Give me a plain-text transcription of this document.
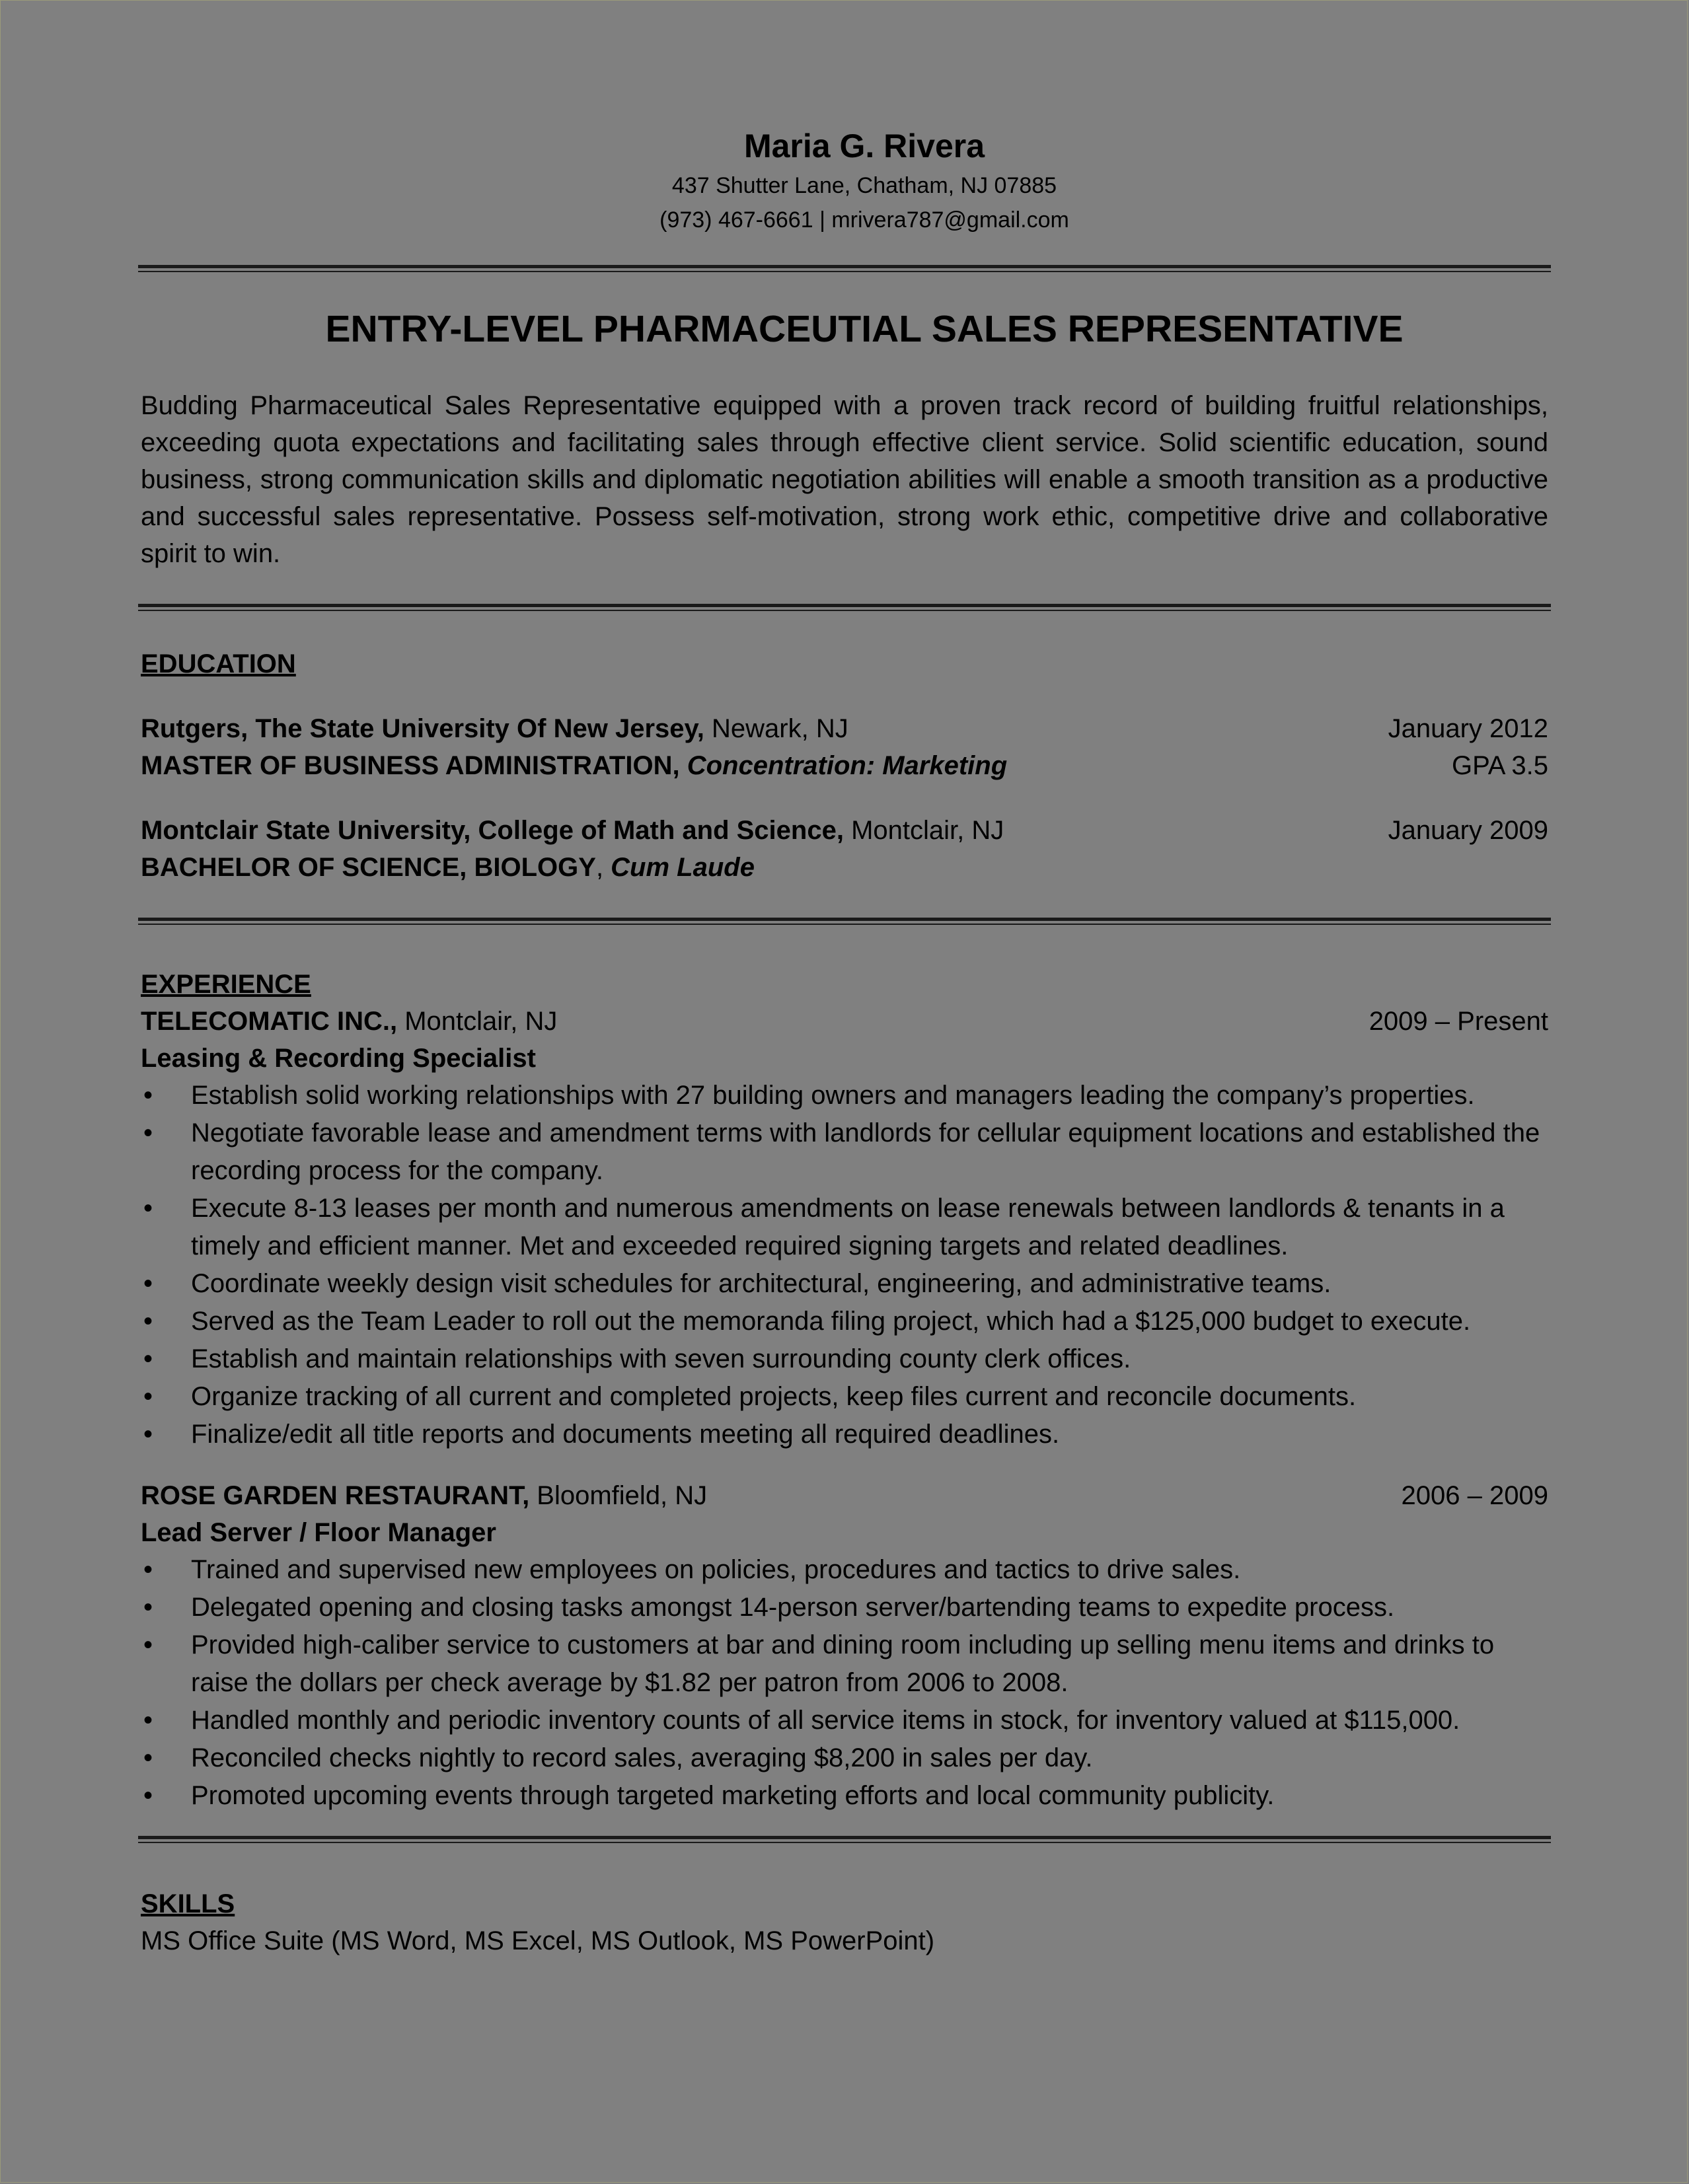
Maria G. Rivera
437 Shutter Lane, Chatham, NJ 07885
(973) 467-6661 | mrivera787@gmail.com
ENTRY-LEVEL PHARMACEUTIAL SALES REPRESENTATIVE
Budding Pharmaceutical Sales Representative equipped with a proven track record of building fruitful relationships, exceeding quota expectations and facilitating sales through effective client service. Solid scientific education, sound business, strong communication skills and diplomatic negotiation abilities will enable a smooth transition as a productive and successful sales representative. Possess self-motivation, strong work ethic, competitive drive and collaborative spirit to win.
EDUCATION
Rutgers, The State University Of New Jersey, Newark, NJ	January 2012
MASTER OF BUSINESS ADMINISTRATION, Concentration: Marketing	GPA 3.5
Montclair State University, College of Math and Science, Montclair, NJ	January 2009
BACHELOR OF SCIENCE, BIOLOGY, Cum Laude
EXPERIENCE
TELECOMATIC INC., Montclair, NJ	2009 – Present
Leasing & Recording Specialist
• Establish solid working relationships with 27 building owners and managers leading the company’s properties.
• Negotiate favorable lease and amendment terms with landlords for cellular equipment locations and established the recording process for the company.
• Execute 8-13 leases per month and numerous amendments on lease renewals between landlords & tenants in a timely and efficient manner. Met and exceeded required signing targets and related deadlines.
• Coordinate weekly design visit schedules for architectural, engineering, and administrative teams.
• Served as the Team Leader to roll out the memoranda filing project, which had a $125,000 budget to execute.
• Establish and maintain relationships with seven surrounding county clerk offices.
• Organize tracking of all current and completed projects, keep files current and reconcile documents.
• Finalize/edit all title reports and documents meeting all required deadlines.
ROSE GARDEN RESTAURANT, Bloomfield, NJ	2006 – 2009
Lead Server / Floor Manager
• Trained and supervised new employees on policies, procedures and tactics to drive sales.
• Delegated opening and closing tasks amongst 14-person server/bartending teams to expedite process.
• Provided high-caliber service to customers at bar and dining room including up selling menu items and drinks to raise the dollars per check average by $1.82 per patron from 2006 to 2008.
• Handled monthly and periodic inventory counts of all service items in stock, for inventory valued at $115,000.
• Reconciled checks nightly to record sales, averaging $8,200 in sales per day.
• Promoted upcoming events through targeted marketing efforts and local community publicity.
SKILLS
MS Office Suite (MS Word, MS Excel, MS Outlook, MS PowerPoint)
